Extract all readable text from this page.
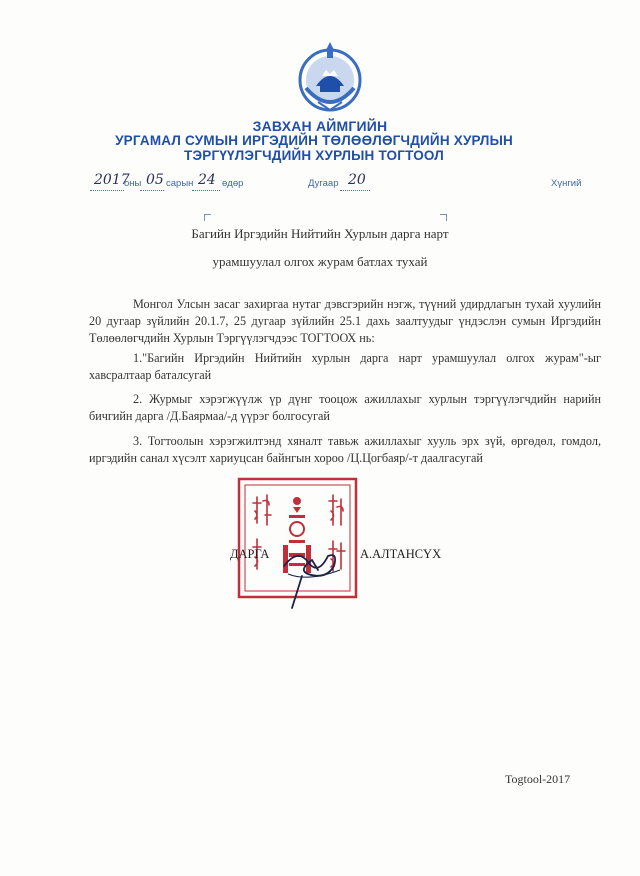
ЗАВХАН АЙМГИЙН
УРГАМАЛ СУМЫН ИРГЭДИЙН ТӨЛӨӨЛӨГЧДИЙН ХУРЛЫН
ТЭРГҮҮЛЭГЧДИЙН ХУРЛЫН ТОГТООЛ
2017
оны 05 сарын 24 өдөр	Дугаар 20	Хүнгий
Багийн Иргэдийн Нийтийн Хурлын дарга нарт
урамшуулал олгох журам батлах тухай
Монгол Улсын засаг захиргаа нутаг дэвсгэрийн нэгж, түүний удирдлагын тухай хуулийн 20 дугаар зүйлийн 20.1.7, 25 дугаар зүйлийн 25.1 дахь заалтуудыг үндэслэн сумын Иргэдийн Төлөөлөгчдийн Хурлын Тэргүүлэгчдээс ТОГТООХ нь:
1."Багийн Иргэдийн Нийтийн хурлын дарга нарт урамшуулал олгох журам"-ыг хавсралтаар баталсугай
2. Журмыг хэрэгжүүлж үр дүнг тооцож ажиллахыг хурлын тэргүүлэгчдийн нарийн бичгийн дарга /Д.Баярмаа/-д үүрэг болгосугай
3. Тогтоолын хэрэгжилтэнд хяналт тавьж ажиллахыг хууль эрх зүй, өргөдөл, гомдол, иргэдийн санал хүсэлт хариуцсан байнгын хороо /Ц.Цогбаяр/-т даалгасугай
ДАРГА	А.АЛТАНСҮХ
Togtool-2017
